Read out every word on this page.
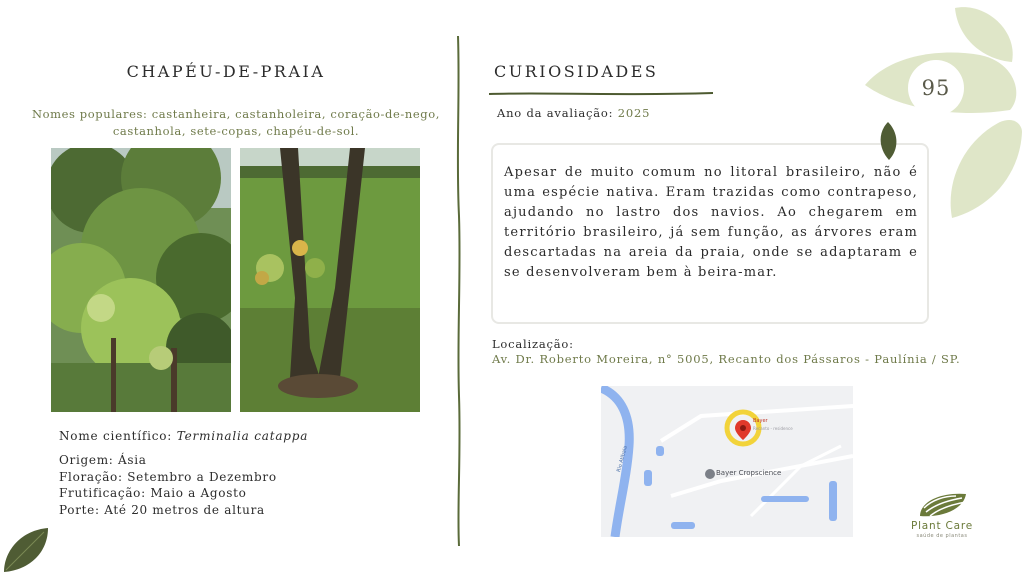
CHAPÉU-DE-PRAIA
Nomes populares: castanheira, castanholeira, coração-de-nego, castanhola, sete-copas, chapéu-de-sol.
Nome científico: Terminalia catappa
Origem: Ásia
Floração: Setembro a Dezembro
Frutificação: Maio a Agosto
Porte: Até 20 metros de altura
CURIOSIDADES
Ano da avaliação: 2025
Apesar de muito comum no litoral brasileiro, não é uma espécie nativa. Eram trazidas como contrapeso, ajudando no lastro dos navios. Ao chegarem em território brasileiro, já sem função, as árvores eram descartadas na areia da praia, onde se adaptaram e se desenvolveram bem à beira-mar.
Localização:
Av. Dr. Roberto Moreira, n° 5005, Recanto dos Pássaros - Paulínia / SP.
Bayer Cropscience
Rio Atibaia
Bayer
Recanto - residence
95
Plant Care
saúde de plantas
